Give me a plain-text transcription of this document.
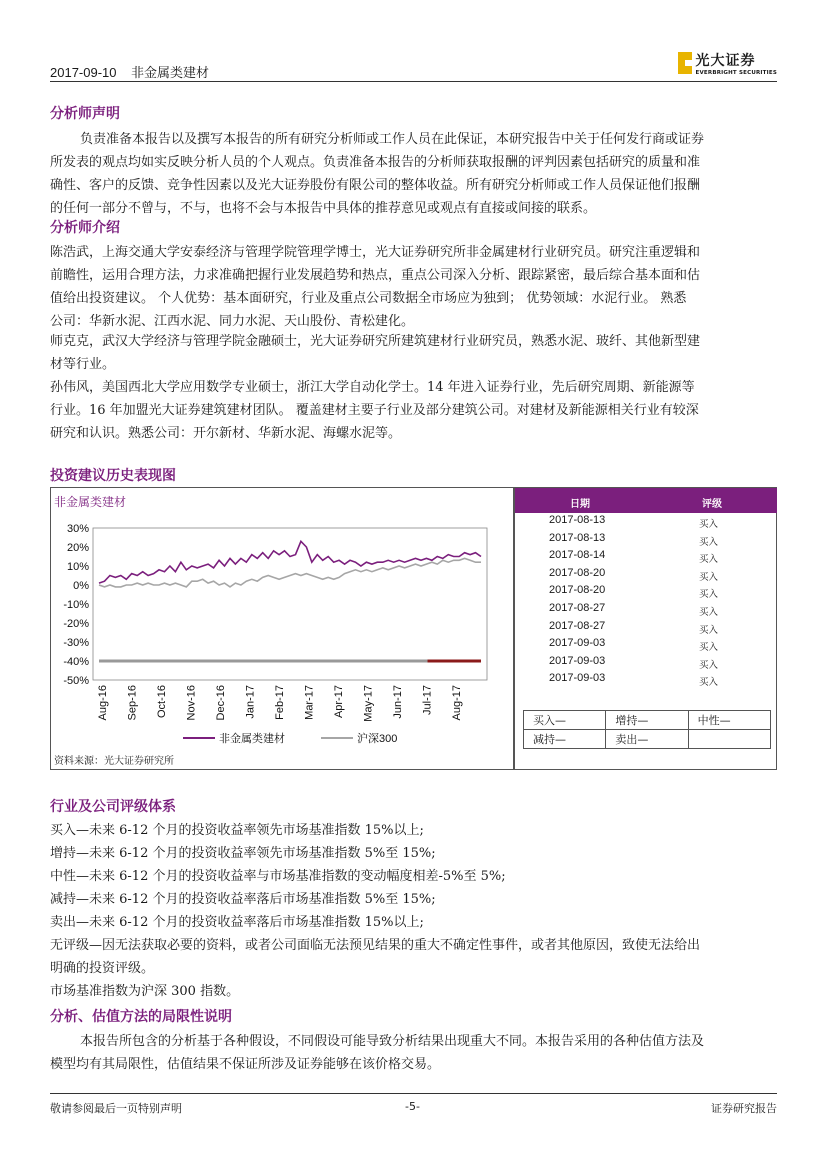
2017-09-10 非金属类建材
光大证券
EVERBRIGHT SECURITIES
分析师声明
负责准备本报告以及撰写本报告的所有研究分析师或工作人员在此保证，本研究报告中关于任何发行商或证券
所发表的观点均如实反映分析人员的个人观点。负责准备本报告的分析师获取报酬的评判因素包括研究的质量和准
确性、客户的反馈、竞争性因素以及光大证券股份有限公司的整体收益。所有研究分析师或工作人员保证他们报酬
的任何一部分不曾与，不与，也将不会与本报告中具体的推荐意见或观点有直接或间接的联系。
分析师介绍
陈浩武，上海交通大学安泰经济与管理学院管理学博士，光大证券研究所非金属建材行业研究员。研究注重逻辑和
前瞻性，运用合理方法，力求准确把握行业发展趋势和热点，重点公司深入分析、跟踪紧密，最后综合基本面和估
值给出投资建议。 个人优势：基本面研究，行业及重点公司数据全市场应为独到； 优势领域：水泥行业。 熟悉
公司：华新水泥、江西水泥、同力水泥、天山股份、青松建化。
师克克，武汉大学经济与管理学院金融硕士，光大证券研究所建筑建材行业研究员，熟悉水泥、玻纤、其他新型建
材等行业。
孙伟风，美国西北大学应用数学专业硕士，浙江大学自动化学士。14 年进入证券行业，先后研究周期、新能源等
行业。16 年加盟光大证券建筑建材团队。 覆盖建材主要子行业及部分建筑公司。对建材及新能源相关行业有较深
研究和认识。熟悉公司：开尔新材、华新水泥、海螺水泥等。
投资建议历史表现图
非金属类建材
30%
20%
10%
0%
-10%
-20%
-30%
-40%
-50%
Aug-16 Sep-16 Oct-16 Nov-16 Dec-16 Jan-17 Feb-17 Mar-17 Apr-17 May-17 Jun-17 Jul-17 Aug-17
非金属类建材	沪深300
资料来源：光大证券研究所
日期	评级
2017-08-13	买入
2017-08-13	买入
2017-08-14	买入
2017-08-20	买入
2017-08-20	买入
2017-08-27	买入
2017-08-27	买入
2017-09-03	买入
2017-09-03	买入
2017-09-03	买入
买入—	增持—	中性—
减持—	卖出—	
行业及公司评级体系
买入—未来 6-12 个月的投资收益率领先市场基准指数 15%以上;
增持—未来 6-12 个月的投资收益率领先市场基准指数 5%至 15%;
中性—未来 6-12 个月的投资收益率与市场基准指数的变动幅度相差-5%至 5%;
减持—未来 6-12 个月的投资收益率落后市场基准指数 5%至 15%;
卖出—未来 6-12 个月的投资收益率落后市场基准指数 15%以上;
无评级—因无法获取必要的资料，或者公司面临无法预见结果的重大不确定性事件，或者其他原因，致使无法给出
明确的投资评级。
市场基准指数为沪深 300 指数。
分析、估值方法的局限性说明
本报告所包含的分析基于各种假设，不同假设可能导致分析结果出现重大不同。本报告采用的各种估值方法及
模型均有其局限性，估值结果不保证所涉及证券能够在该价格交易。
敬请参阅最后一页特别声明	-5-	证券研究报告
